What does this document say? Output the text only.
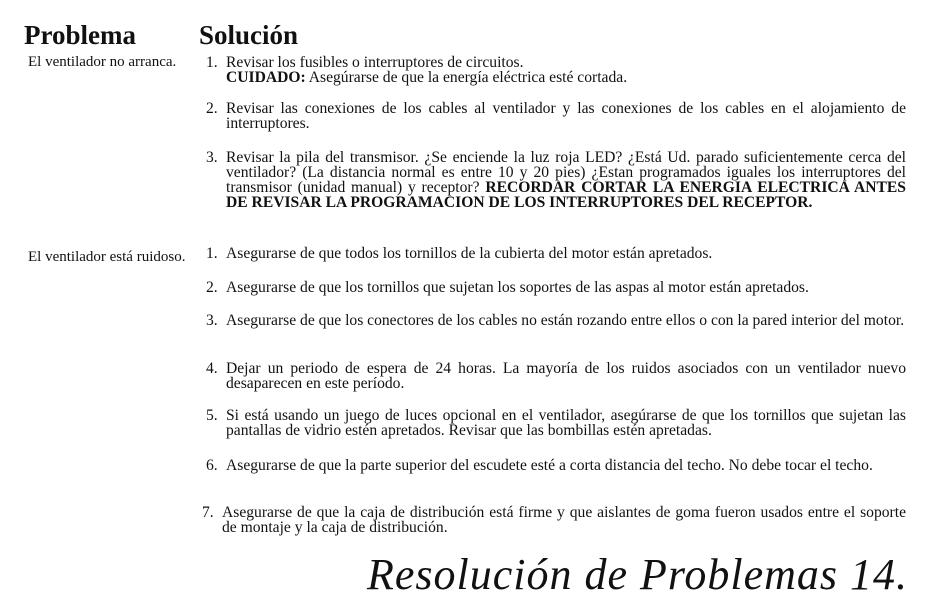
Problema Solución
El ventilador no arranca.	1. Revisar los fusibles o interruptores de circuitos.
CUIDADO: Asegúrarse de que la energía eléctrica esté cortada.
2. Revisar las conexiones de los cables al ventilador y las conexiones de los cables en el alojamiento de interruptores.
3. Revisar la pila del transmisor. ¿Se enciende la luz roja LED? ¿Está Ud. parado suficientemente cerca del ventilador? (La distancia normal es entre 10 y 20 pies) ¿Estan programados iguales los interruptores del transmisor (unidad manual) y receptor? RECORDAR CORTAR LA ENERGIA ELECTRICA ANTES DE REVISAR LA PROGRAMACION DE LOS INTERRUPTORES DEL RECEPTOR.
El ventilador está ruidoso. 1. Asegurarse de que todos los tornillos de la cubierta del motor están apretados.
2. Asegurarse de que los tornillos que sujetan los soportes de las aspas al motor están apretados.
3. Asegurarse de que los conectores de los cables no están rozando entre ellos o con la pared interior del motor.
4. Dejar un periodo de espera de 24 horas. La mayoría de los ruidos asociados con un ventilador nuevo desaparecen en este período.
5. Si está usando un juego de luces opcional en el ventilador, asegúrarse de que los tornillos que sujetan las pantallas de vidrio estén apretados. Revisar que las bombillas estén apretadas.
6. Asegurarse de que la parte superior del escudete esté a corta distancia del techo. No debe tocar el techo.
7. Asegurarse de que la caja de distribución está firme y que aislantes de goma fueron usados entre el soporte de montaje y la caja de distribución.
Resolución de Problemas 14.
